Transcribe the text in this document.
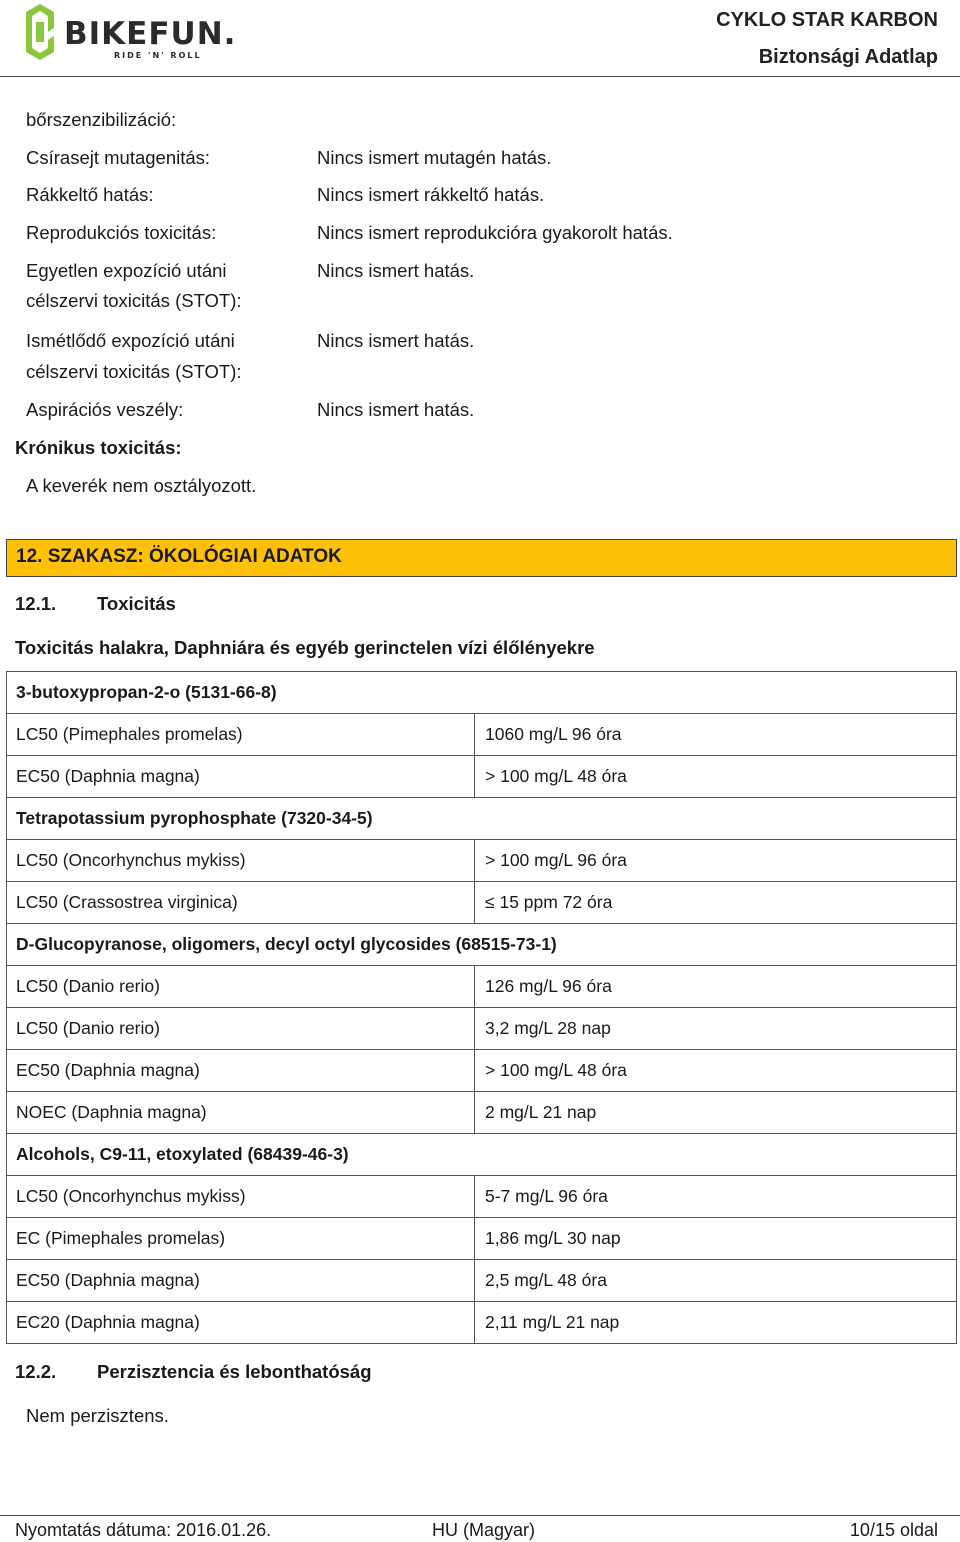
BIKEFUN.
RIDE 'N' ROLL
CYKLO STAR KARBON
Biztonsági Adatlap
bőrszenzibilizáció:
Csírasejt mutagenitás:	Nincs ismert mutagén hatás.
Rákkeltő hatás:	Nincs ismert rákkeltő hatás.
Reprodukciós toxicitás:	Nincs ismert reprodukcióra gyakorolt hatás.
Egyetlen expozíció utáni
célszervi toxicitás (STOT):
Nincs ismert hatás.
Ismétlődő expozíció utáni
célszervi toxicitás (STOT):
Nincs ismert hatás.
Aspirációs veszély:	Nincs ismert hatás.
Krónikus toxicitás:
A keverék nem osztályozott.
12. SZAKASZ: ÖKOLÓGIAI ADATOK
12.1. Toxicitás
Toxicitás halakra, Daphniára és egyéb gerinctelen vízi élőlényekre
3-butoxypropan-2-o (5131-66-8)
LC50 (Pimephales promelas)	1060 mg/L 96 óra
EC50 (Daphnia magna)	> 100 mg/L 48 óra
Tetrapotassium pyrophosphate (7320-34-5)
LC50 (Oncorhynchus mykiss)	> 100 mg/L 96 óra
LC50 (Crassostrea virginica)	≤ 15 ppm 72 óra
D-Glucopyranose, oligomers, decyl octyl glycosides (68515-73-1)
LC50 (Danio rerio)	126 mg/L 96 óra
LC50 (Danio rerio)	3,2 mg/L 28 nap
EC50 (Daphnia magna)	> 100 mg/L 48 óra
NOEC (Daphnia magna)	2 mg/L 21 nap
Alcohols, C9-11, etoxylated (68439-46-3)
LC50 (Oncorhynchus mykiss)	5-7 mg/L 96 óra
EC (Pimephales promelas)	1,86 mg/L 30 nap
EC50 (Daphnia magna)	2,5 mg/L 48 óra
EC20 (Daphnia magna)	2,11 mg/L 21 nap
12.2. Perzisztencia és lebonthatóság
Nem perzisztens.
Nyomtatás dátuma: 2016.01.26.	HU (Magyar)	10/15 oldal
